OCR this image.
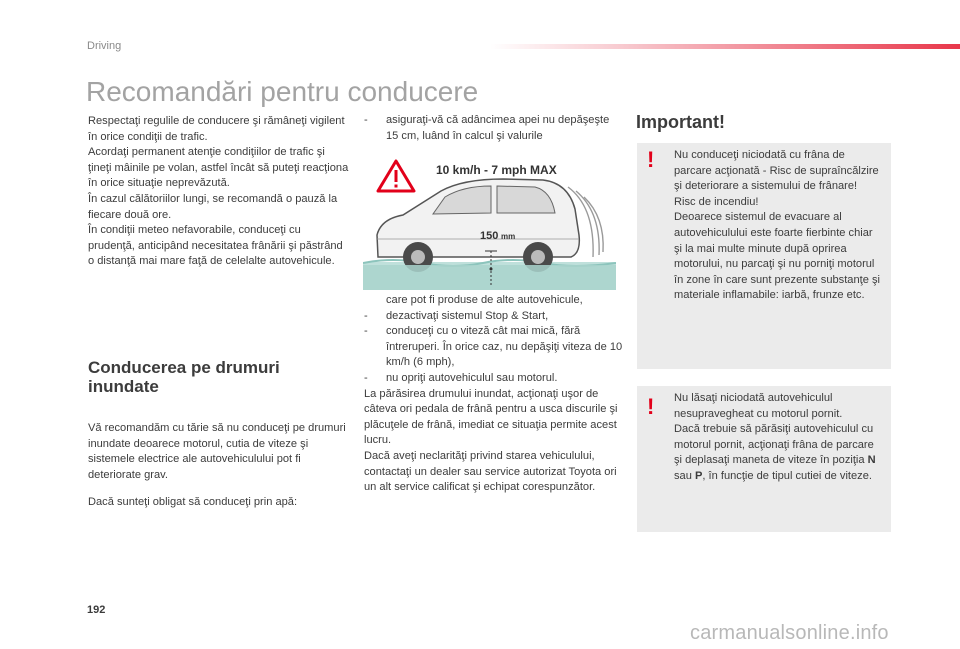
Driving
Recomandări pentru conducere

Respectaţi regulile de conducere şi rămâneţi vigilent în orice condiţii de trafic.

Acordaţi permanent atenţie condiţiilor de trafic şi ţineţi mâinile pe volan, astfel încât să puteţi reacţiona în orice situaţie neprevăzută.

În cazul călătoriilor lungi, se recomandă o pauză la fiecare două ore.

În condiţii meteo nefavorabile, conduceţi cu prudenţă, anticipând necesitatea frânării şi păstrând o distanţă mai mare faţă de celelalte autovehicule.

Conducerea pe drumuri inundate

Vă recomandăm cu tărie să nu conduceţi pe drumuri inundate deoarece motorul, cutia de viteze şi sistemele electrice ale autovehiculului pot fi deteriorate grav.

Dacă sunteţi obligat să conduceţi prin apă:

- asiguraţi-vă că adâncimea apei nu depăşeşte 15 cm, luând în calcul şi valurile
10 km/h - 7 mph MAX
150 mm

care pot fi produse de alte autovehicule,

- dezactivaţi sistemul Stop & Start,
- conduceţi cu o viteză cât mai mică, fără întreruperi. În orice caz, nu depăşiţi viteza de 10 km/h (6 mph),
- nu opriţi autovehiculul sau motorul.

La părăsirea drumului inundat, acţionaţi uşor de câteva ori pedala de frână pentru a usca discurile şi plăcuţele de frână, imediat ce situaţia permite acest lucru.

Dacă aveţi neclarităţi privind starea vehiculului, contactaţi un dealer sau service autorizat Toyota ori un alt service calificat şi echipat corespunzător.

Important!
! Nu conduceţi niciodată cu frâna de parcare acţionată - Risc de supraîncălzire şi deteriorare a sistemului de frânare!

Risc de incendiu!

Deoarece sistemul de evacuare al autovehiculului este foarte fierbinte chiar şi la mai multe minute după oprirea motorului, nu parcaţi şi nu porniţi motorul în zone în care sunt prezente substanţe şi materiale inflamabile: iarbă, frunze etc.

! Nu lăsaţi niciodată autovehiculul nesupravegheat cu motorul pornit.

Dacă trebuie să părăsiţi autovehiculul cu motorul pornit, acţionaţi frâna de parcare şi deplasaţi maneta de viteze în poziţia N sau P, în funcţie de tipul cutiei de viteze.

192
carmanualsonline.info
